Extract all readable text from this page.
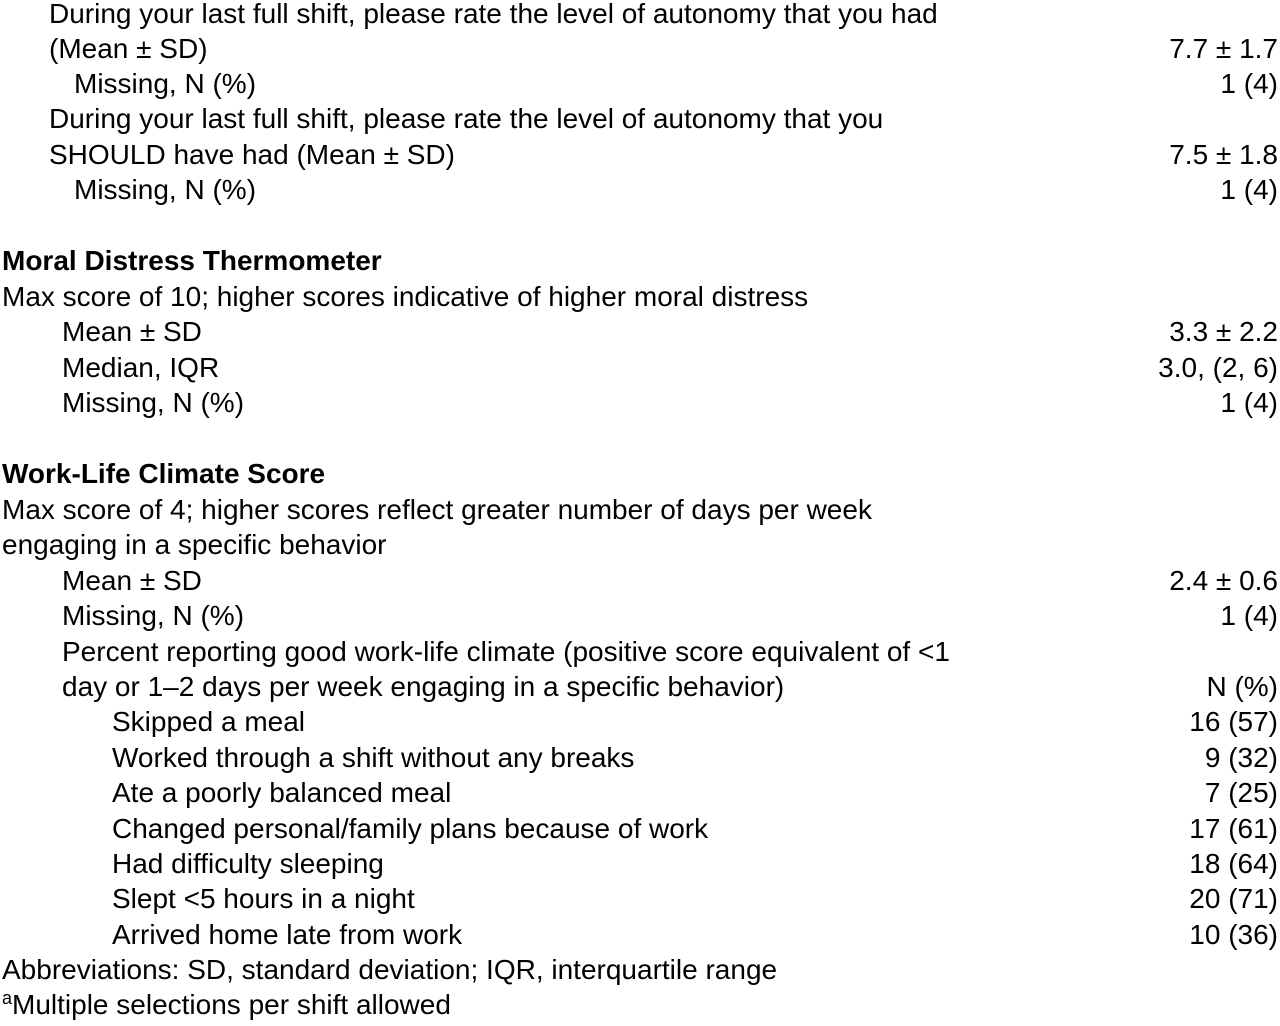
During your last full shift, please rate the level of autonomy that you had
(Mean ± SD)	7.7 ± 1.7
Missing, N (%)	1 (4)
During your last full shift, please rate the level of autonomy that you
SHOULD have had (Mean ± SD)	7.5 ± 1.8
Missing, N (%)	1 (4)
Moral Distress Thermometer
Max score of 10; higher scores indicative of higher moral distress
Mean ± SD	3.3 ± 2.2
Median, IQR	3.0, (2, 6)
Missing, N (%)	1 (4)
Work-Life Climate Score
Max score of 4; higher scores reflect greater number of days per week
engaging in a specific behavior
Mean ± SD	2.4 ± 0.6
Missing, N (%)	1 (4)
Percent reporting good work-life climate (positive score equivalent of <1
day or 1–2 days per week engaging in a specific behavior)	N (%)
Skipped a meal	16 (57)
Worked through a shift without any breaks	9 (32)
Ate a poorly balanced meal	7 (25)
Changed personal/family plans because of work	17 (61)
Had difficulty sleeping	18 (64)
Slept <5 hours in a night	20 (71)
Arrived home late from work	10 (36)
Abbreviations: SD, standard deviation; IQR, interquartile range
$^a$Multiple selections per shift allowed
